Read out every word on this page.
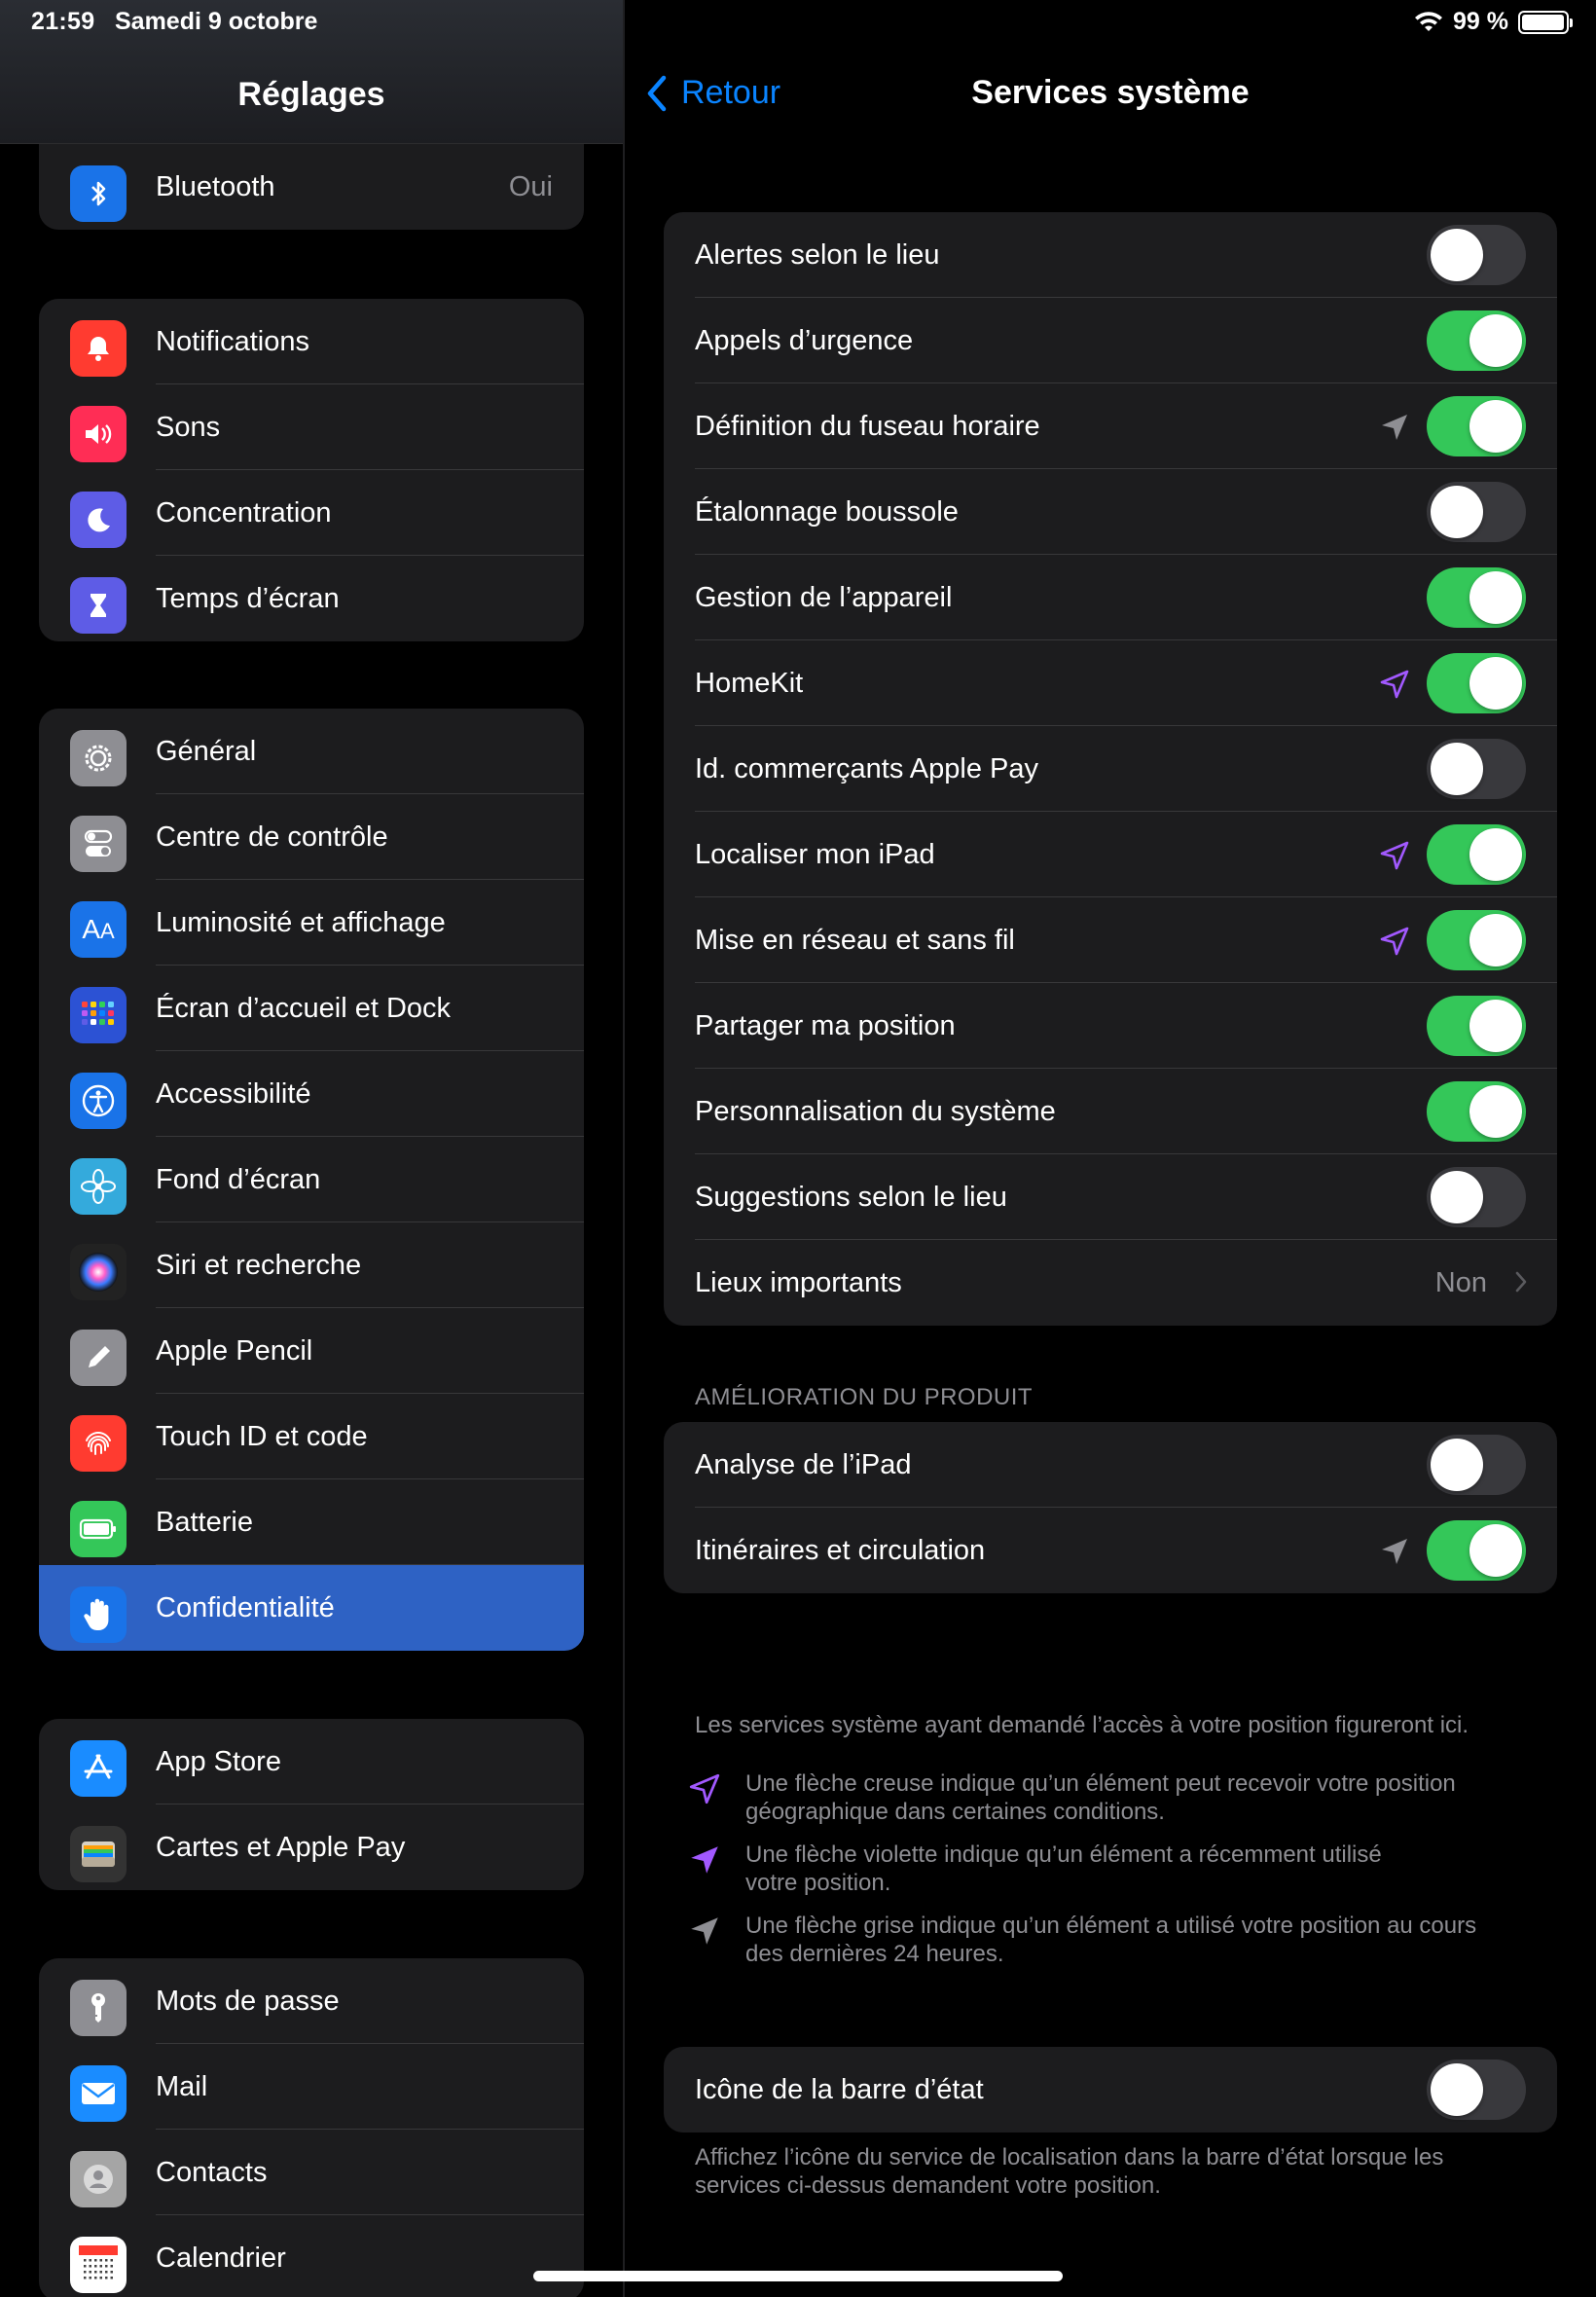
Réglages
Bluetooth	Oui
Notifications
Sons
Concentration
Temps d’écran
Général
Centre de contrôle
AA Luminosité et affichage
Écran d’accueil et Dock
Accessibilité
Fond d’écran
Siri et recherche
Apple Pencil
Touch ID et code
Batterie
Confidentialité
App Store
Cartes et Apple Pay
Mots de passe
Mail
Contacts
Calendrier
21:59 Samedi 9 octobre	99 %
Retour	Services système
Alertes selon le lieu
Appels d’urgence
Définition du fuseau horaire
Étalonnage boussole
Gestion de l’appareil
HomeKit
Id. commerçants Apple Pay
Localiser mon iPad
Mise en réseau et sans fil
Partager ma position
Personnalisation du système
Suggestions selon le lieu
Lieux importants	Non
AMÉLIORATION DU PRODUIT
Analyse de l’iPad
Itinéraires et circulation
Les services système ayant demandé l’accès à votre position figureront ici.
Une flèche creuse indique qu’un élément peut recevoir votre position
géographique dans certaines conditions.
Une flèche violette indique qu’un élément a récemment utilisé
votre position.
Une flèche grise indique qu’un élément a utilisé votre position au cours
des dernières 24 heures.
Icône de la barre d’état
Affichez l’icône du service de localisation dans la barre d’état lorsque les
services ci-dessus demandent votre position.
